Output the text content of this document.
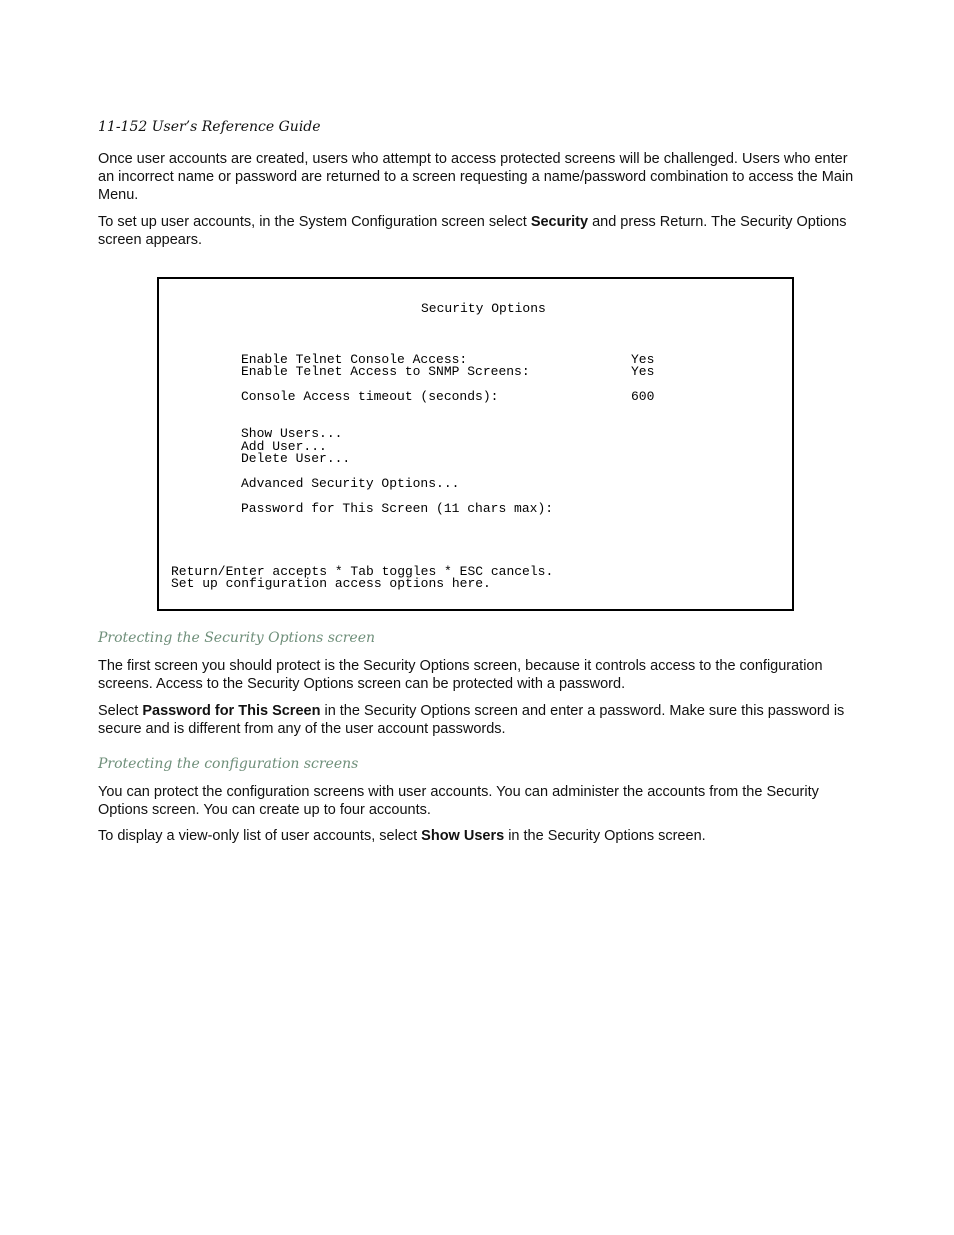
11-152 User’s Reference Guide

Once user accounts are created, users who attempt to access protected screens will be challenged. Users who enter an incorrect name or password are returned to a screen requesting a name/password combination to access the Main Menu.

To set up user accounts, in the System Configuration screen select Security and press Return. The Security Options screen appears.

Protecting the Security Options screen

The first screen you should protect is the Security Options screen, because it controls access to the configuration screens. Access to the Security Options screen can be protected with a password.

Select Password for This Screen in the Security Options screen and enter a password. Make sure this password is secure and is different from any of the user account passwords.

Protecting the configuration screens

You can protect the configuration screens with user accounts. You can administer the accounts from the Security Options screen. You can create up to four accounts.

To display a view-only list of user accounts, select Show Users in the Security Options screen.

Security Options
Enable Telnet Console Access:	Yes
Enable Telnet Access to SNMP Screens:	Yes
Console Access timeout (seconds):	600
Show Users...
Add User...
Delete User...
Advanced Security Options...
Password for This Screen (11 chars max):
Return/Enter accepts * Tab toggles * ESC cancels.
Set up configuration access options here.
